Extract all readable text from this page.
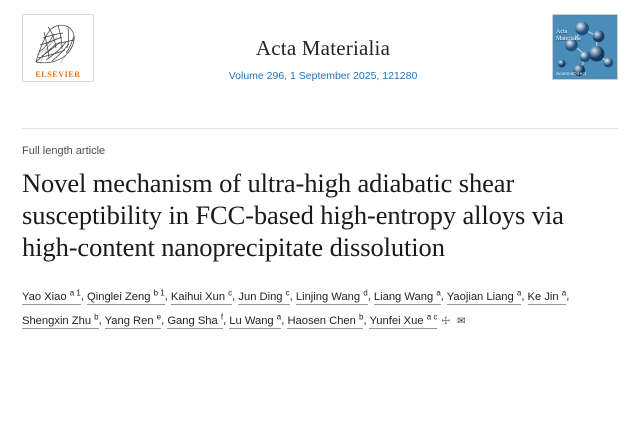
ELSEVIER
Acta Materialia
Volume 296, 1 September 2025, 121280
Acta
Materialia
ScienceDirect
Full length article
Novel mechanism of ultra-high adiabatic shear susceptibility in FCC-based high-entropy alloys via high-content nanoprecipitate dissolution
Yao Xiao $^{a 1}$, Qinglei Zeng $^{b 1}$, Kaihui Xun $^c$, Jun Ding $^c$, Linjing Wang $^d$, Liang Wang $^a$, Yaojian Liang $^a$, Ke Jin $^a$, Shengxin Zhu $^b$, Yang Ren $^e$, Gang Sha $^f$, Lu Wang $^a$, Haosen Chen $^b$, Yunfei Xue $^{a c}$ ☩ ✉
